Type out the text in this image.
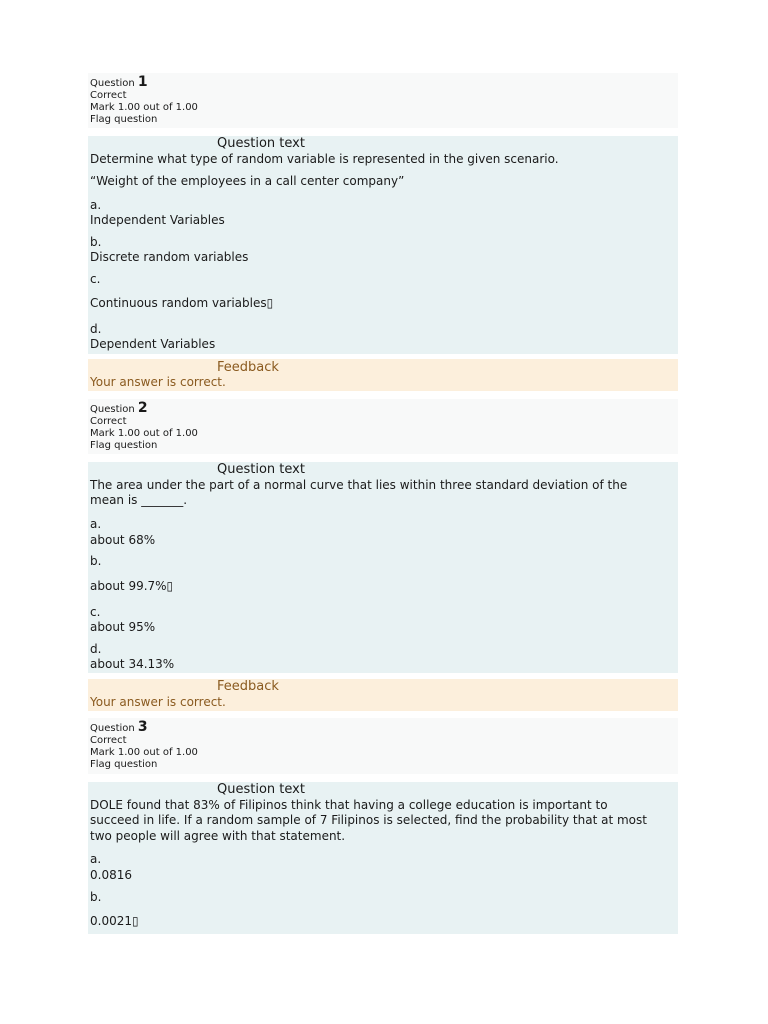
Question 1
Correct
Mark 1.00 out of 1.00
Flag question
Question text
Determine what type of random variable is represented in the given scenario.
“Weight of the employees in a call center company”
a.
Independent Variables
b.
Discrete random variables
c.
Continuous random variables▯
d.
Dependent Variables
Feedback
Your answer is correct.
Question 2
Correct
Mark 1.00 out of 1.00
Flag question
Question text
The area under the part of a normal curve that lies within three standard deviation of the
mean is _______.
a.
about 68%
b.
about 99.7%▯
c.
about 95%
d.
about 34.13%
Feedback
Your answer is correct.
Question 3
Correct
Mark 1.00 out of 1.00
Flag question
Question text
DOLE found that 83% of Filipinos think that having a college education is important to
succeed in life. If a random sample of 7 Filipinos is selected, find the probability that at most
two people will agree with that statement.
a.
0.0816
b.
0.0021▯
